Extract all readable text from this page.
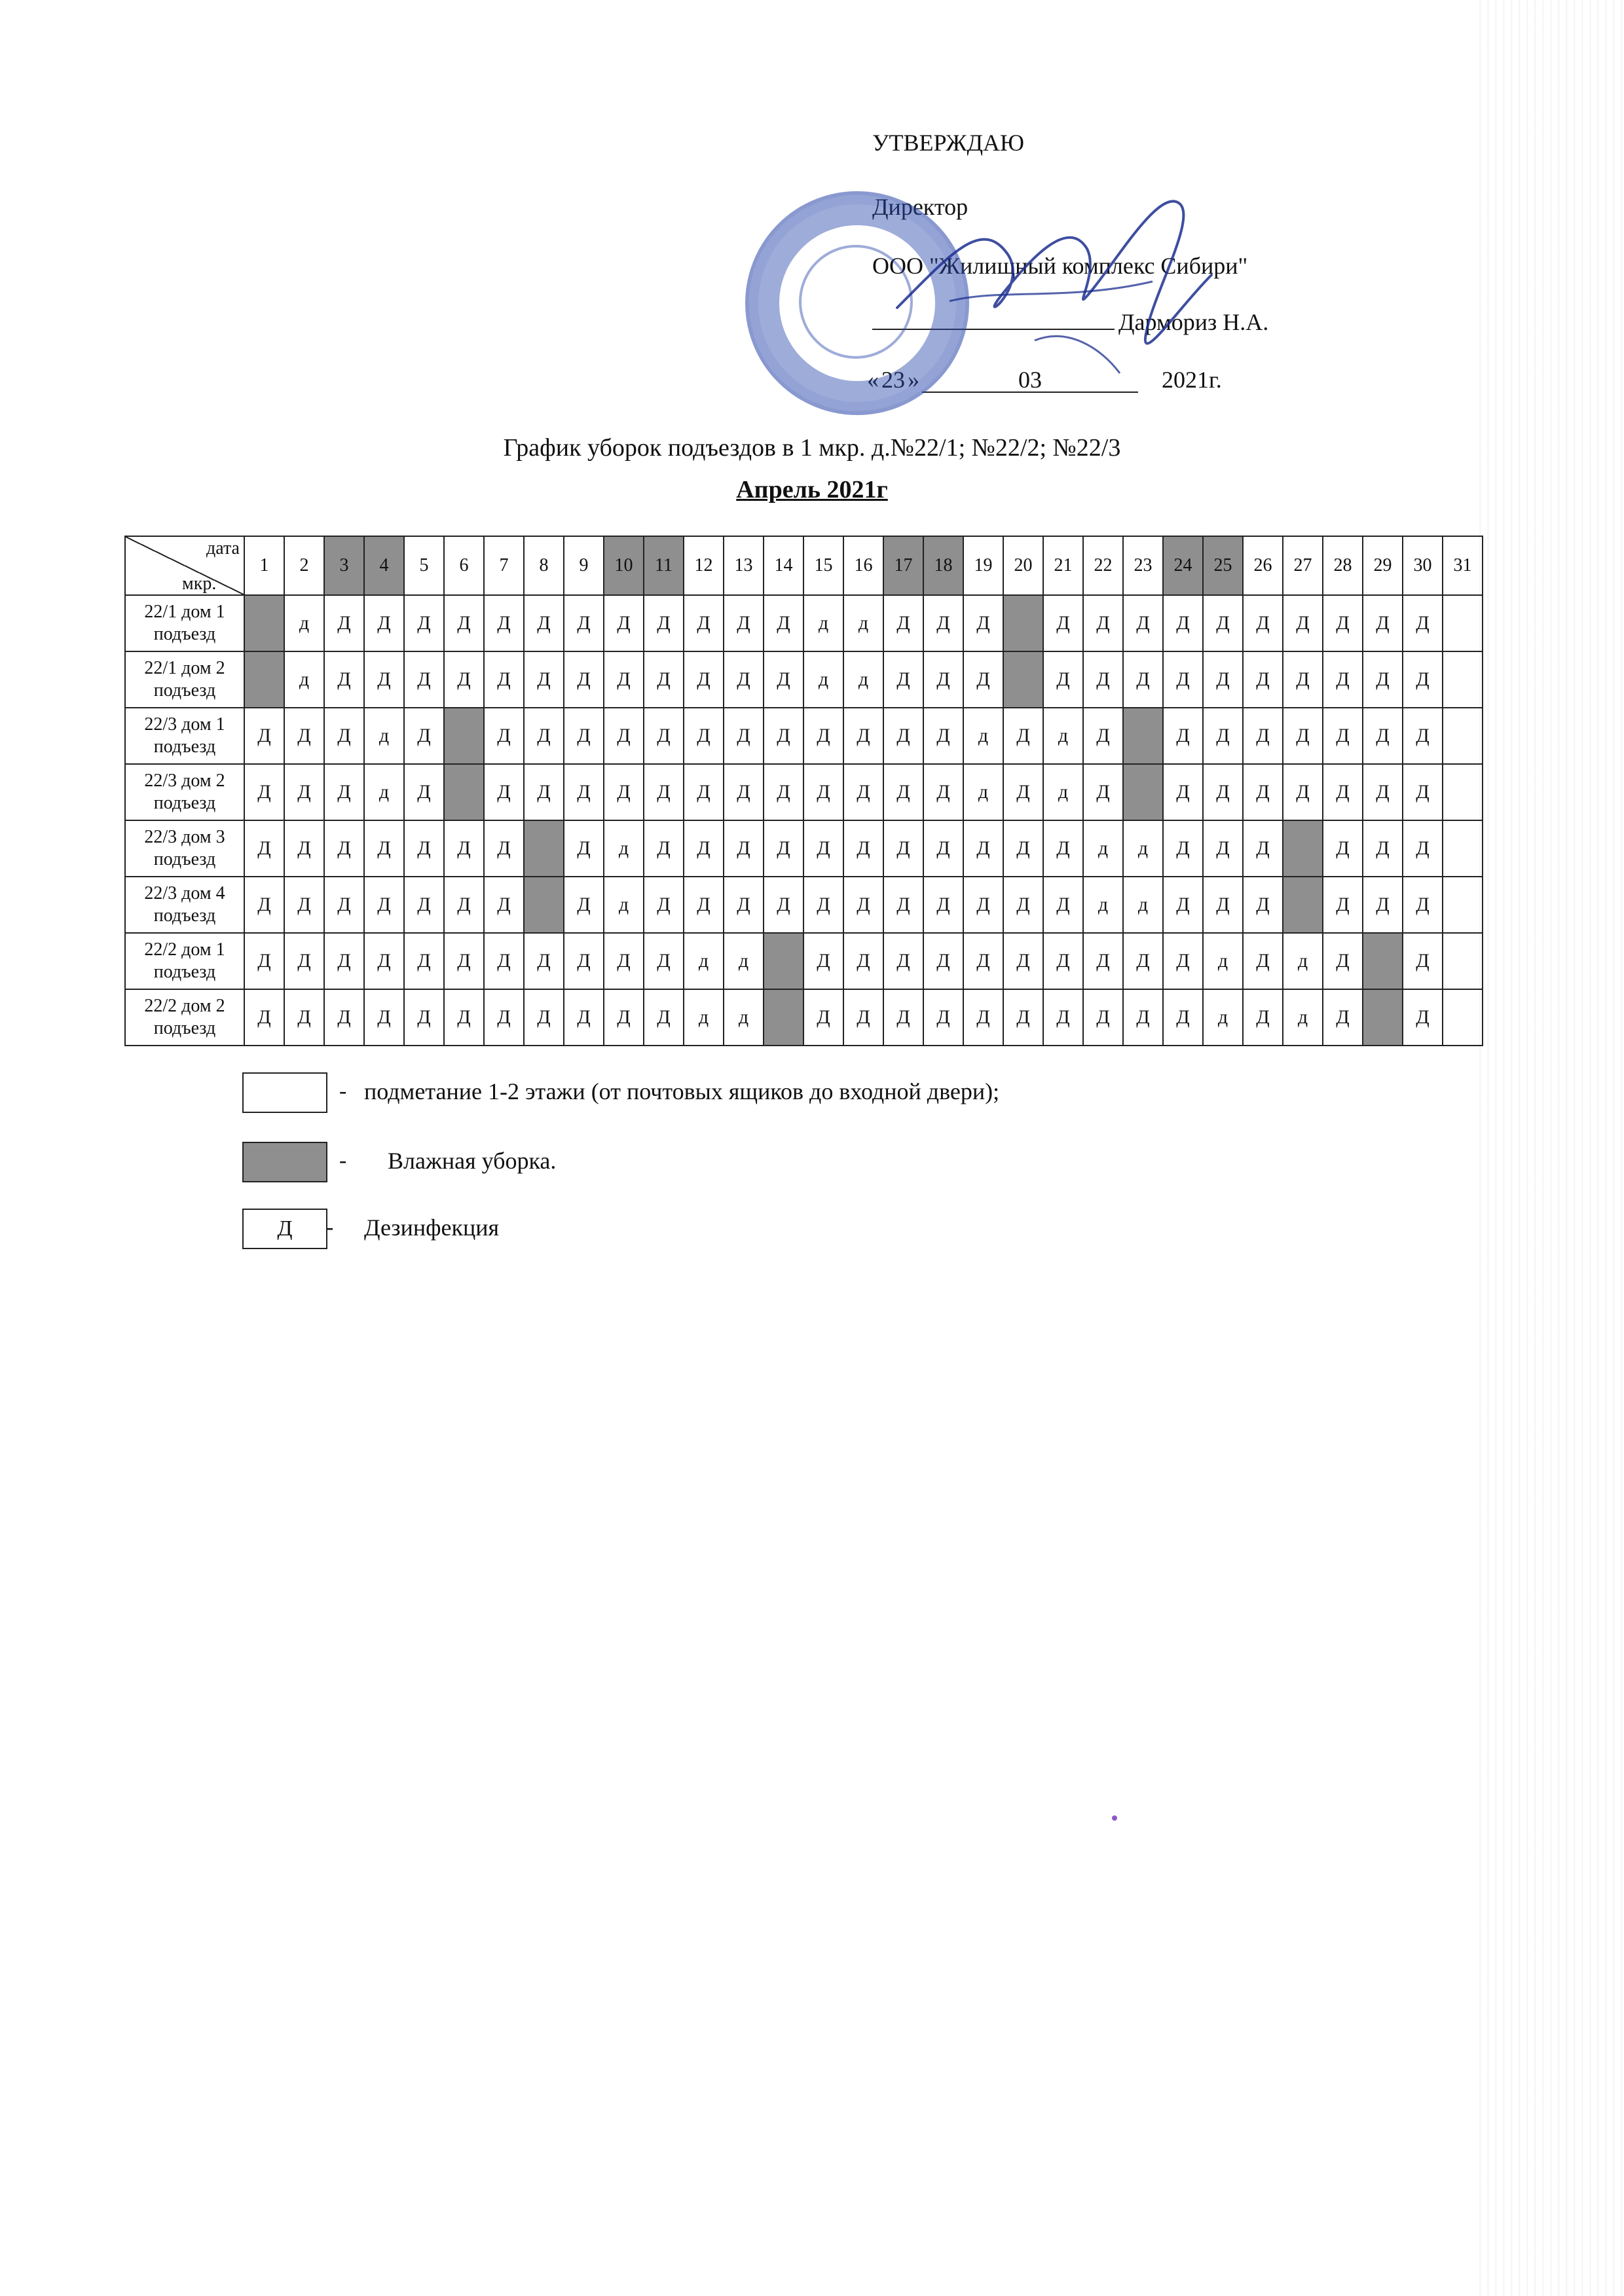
УТВЕРЖДАЮ
Директор
ООО "Жилищный комплекс Сибири"
Дармориз Н.А.
« 23 »	03	2021г.
График уборок подъездов в 1 мкр. д.№22/1; №22/2; №22/3
Апрель 2021г
дата
мкр.	1	2	3	4	5	6	7	8	9	10	11	12	13	14	15	16	17	18	19	20	21	22	23	24	25	26	27	28	29	30	31
22/1 дом 1 подъезд		д	Д	Д	Д	Д	Д	Д	Д	Д	Д	Д	Д	Д	д	д	Д	Д	Д		Д	Д	Д	Д	Д	Д	Д	Д	Д	Д	
22/1 дом 2 подъезд		д	Д	Д	Д	Д	Д	Д	Д	Д	Д	Д	Д	Д	д	д	Д	Д	Д		Д	Д	Д	Д	Д	Д	Д	Д	Д	Д	
22/3 дом 1 подъезд	Д	Д	Д	д	Д		Д	Д	Д	Д	Д	Д	Д	Д	Д	Д	Д	Д	д	Д	д	Д		Д	Д	Д	Д	Д	Д	Д	
22/3 дом 2 подъезд	Д	Д	Д	д	Д		Д	Д	Д	Д	Д	Д	Д	Д	Д	Д	Д	Д	д	Д	д	Д		Д	Д	Д	Д	Д	Д	Д	
22/3 дом 3 подъезд	Д	Д	Д	Д	Д	Д	Д		Д	д	Д	Д	Д	Д	Д	Д	Д	Д	Д	Д	Д	д	д	Д	Д	Д		Д	Д	Д	
22/3 дом 4 подъезд	Д	Д	Д	Д	Д	Д	Д		Д	д	Д	Д	Д	Д	Д	Д	Д	Д	Д	Д	Д	д	д	Д	Д	Д		Д	Д	Д	
22/2 дом 1 подъезд	Д	Д	Д	Д	Д	Д	Д	Д	Д	Д	Д	д	д		Д	Д	Д	Д	Д	Д	Д	Д	Д	Д	д	Д	д	Д		Д	
22/2 дом 2 подъезд	Д	Д	Д	Д	Д	Д	Д	Д	Д	Д	Д	д	д		Д	Д	Д	Д	Д	Д	Д	Д	Д	Д	д	Д	д	Д		Д	
- подметание 1-2 этажи (от почтовых ящиков до входной двери);
- Влажная уборка.
Д	- Дезинфекция
